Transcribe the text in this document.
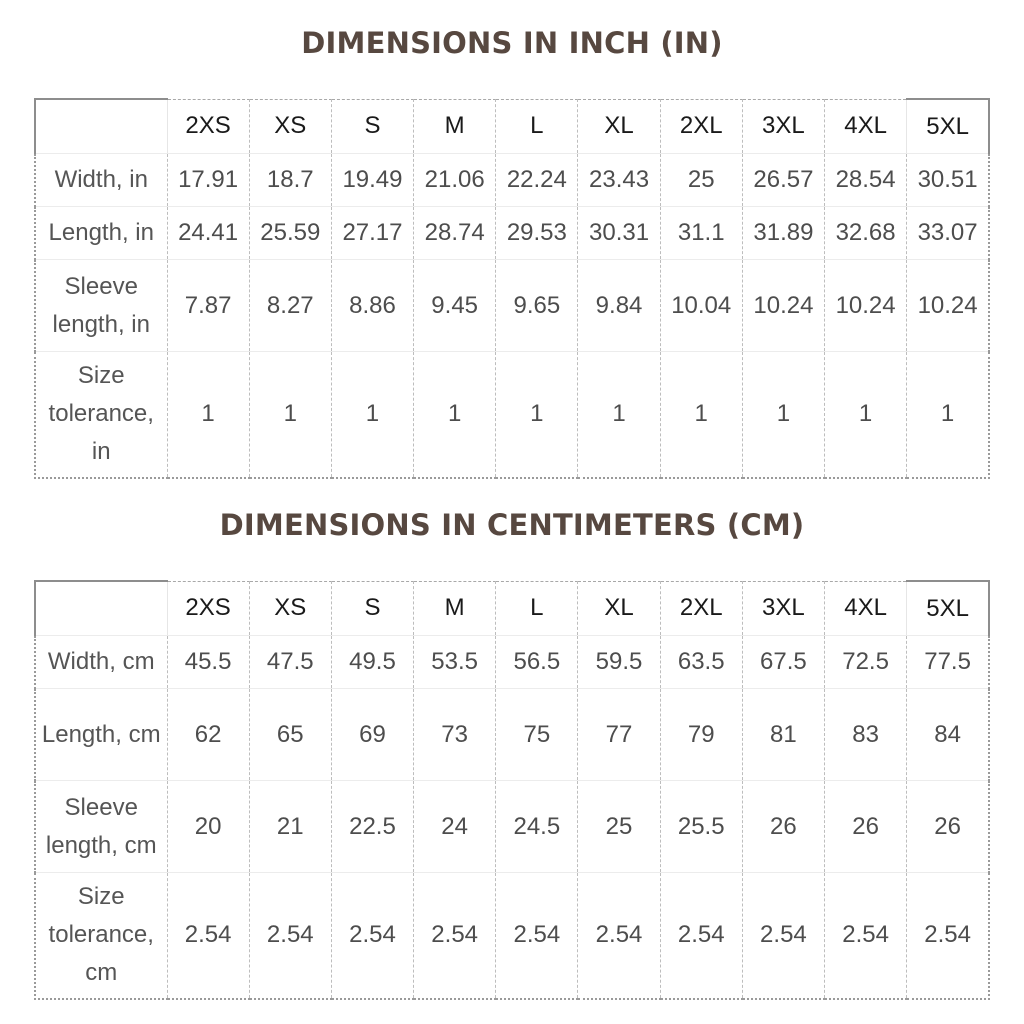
DIMENSIONS IN INCH (IN)
	2XS	XS	S	M	L	XL	2XL	3XL	4XL	5XL
Width, in	17.91	18.7	19.49	21.06	22.24	23.43	25	26.57	28.54	30.51
Length, in	24.41	25.59	27.17	28.74	29.53	30.31	31.1	31.89	32.68	33.07
Sleeve length, in	7.87	8.27	8.86	9.45	9.65	9.84	10.04	10.24	10.24	10.24
Size tolerance, in	1	1	1	1	1	1	1	1	1	1
DIMENSIONS IN CENTIMETERS (CM)
	2XS	XS	S	M	L	XL	2XL	3XL	4XL	5XL
Width, cm	45.5	47.5	49.5	53.5	56.5	59.5	63.5	67.5	72.5	77.5
Length, cm	62	65	69	73	75	77	79	81	83	84
Sleeve length, cm	20	21	22.5	24	24.5	25	25.5	26	26	26
Size tolerance, cm	2.54	2.54	2.54	2.54	2.54	2.54	2.54	2.54	2.54	2.54
